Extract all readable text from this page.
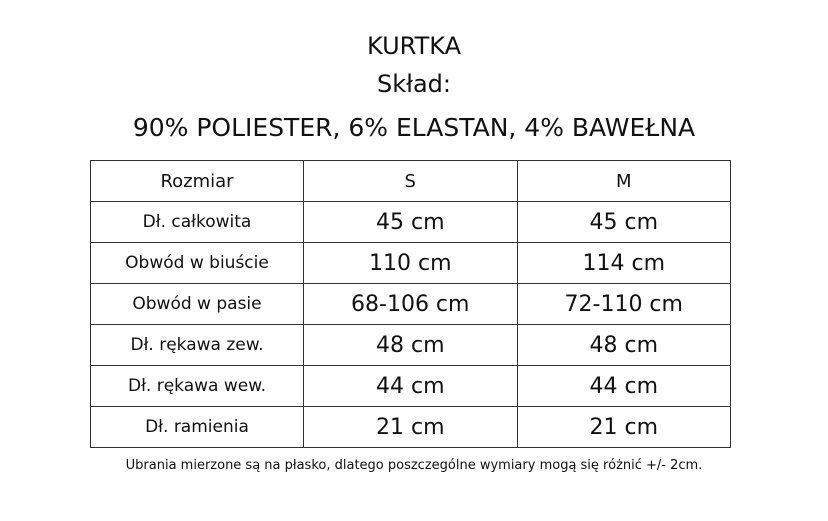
KURTKA
Skład:
90% POLIESTER, 6% ELASTAN, 4% BAWEŁNA
Rozmiar	S	M
Dł. całkowita	45 cm	45 cm
Obwód w biuście	110 cm	114 cm
Obwód w pasie	68-106 cm	72-110 cm
Dł. rękawa zew.	48 cm	48 cm
Dł. rękawa wew.	44 cm	44 cm
Dł. ramienia	21 cm	21 cm
Ubrania mierzone są na płasko, dlatego poszczególne wymiary mogą się różnić +/- 2cm.
